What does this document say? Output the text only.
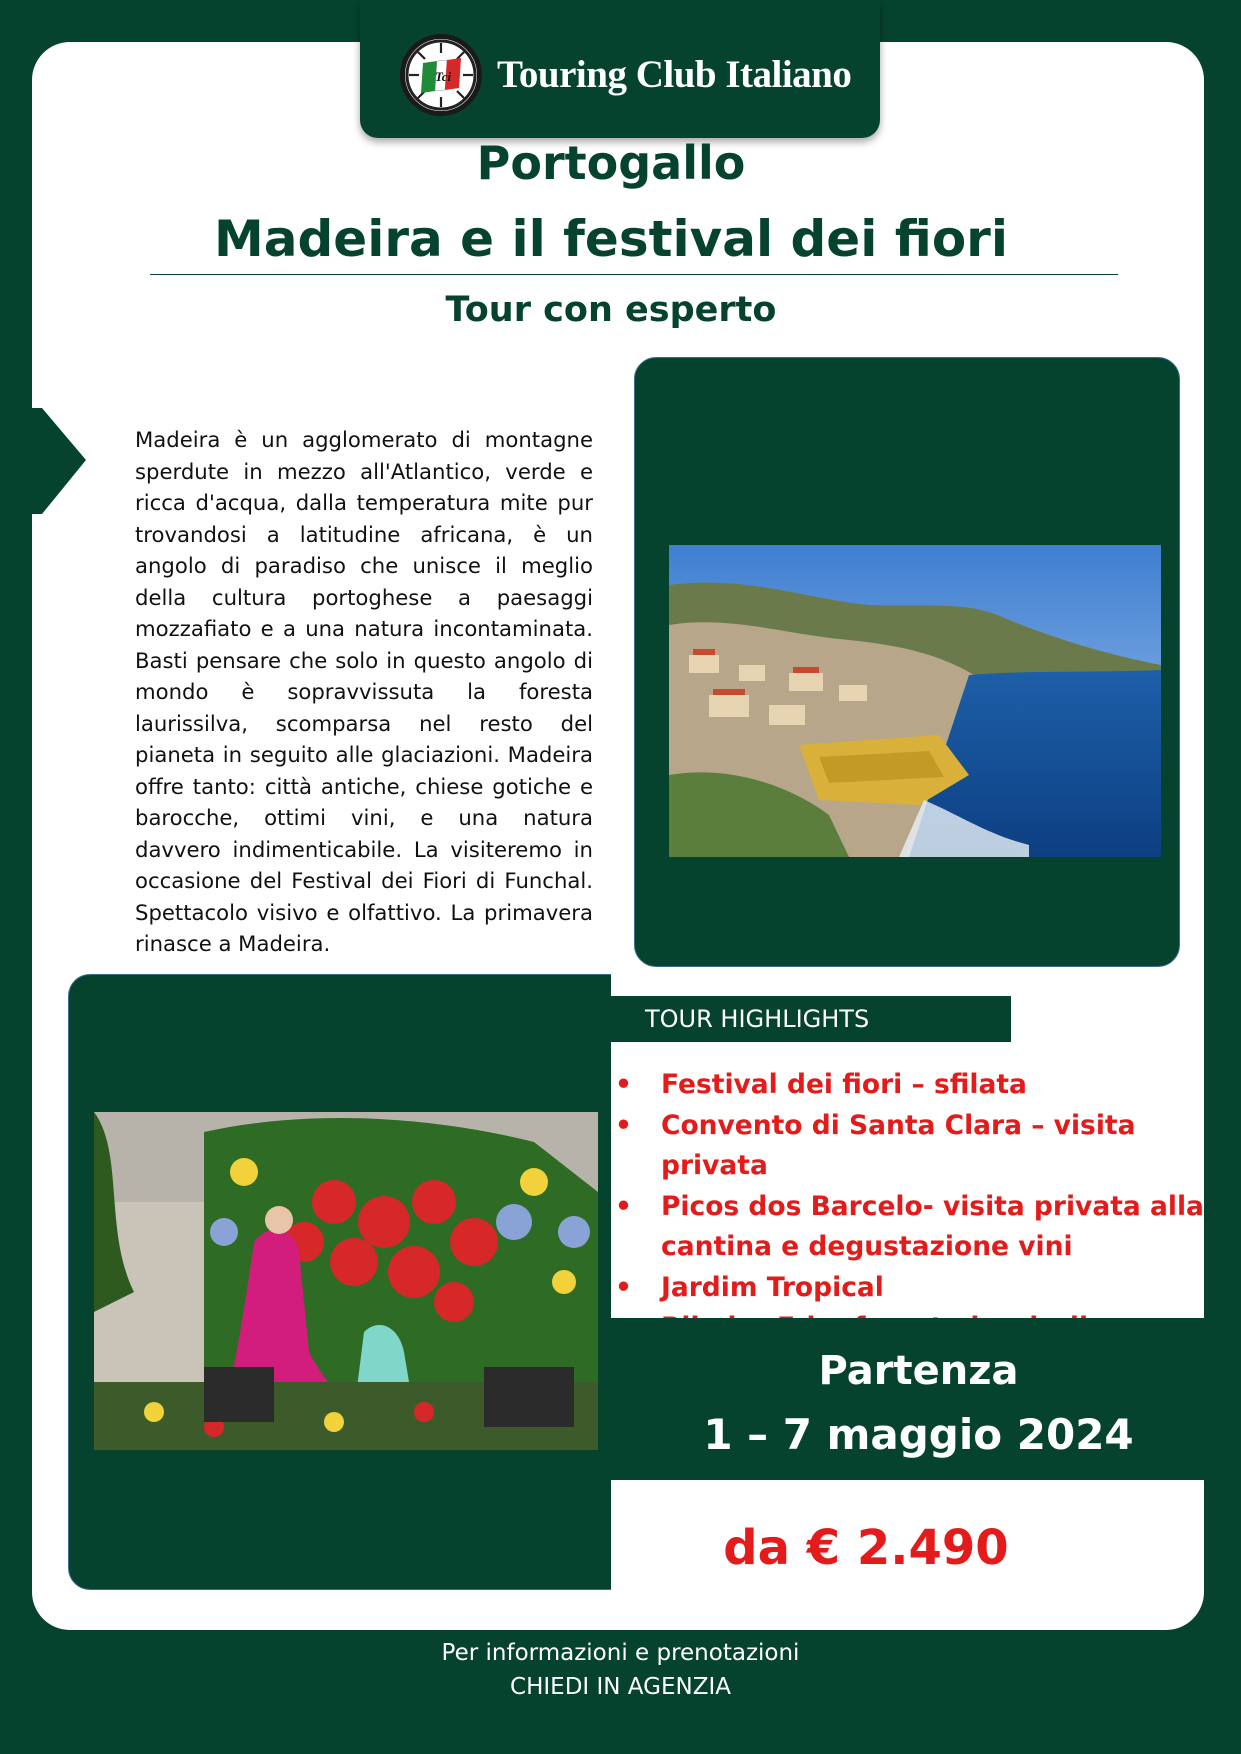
Tci Touring Club Italiano
Portogallo
Madeira e il festival dei fiori
Tour con esperto
Madeira è un agglomerato di montagne sperdute in mezzo all'Atlantico, verde e ricca d'acqua, dalla temperatura mite pur trovandosi a latitudine africana, è un angolo di paradiso che unisce il meglio della cultura portoghese a paesaggi mozzafiato e a una natura incontaminata. Basti pensare che solo in questo angolo di mondo è sopravvissuta la foresta laurissilva, scomparsa nel resto del pianeta in seguito alle glaciazioni. Madeira offre tanto: città antiche, chiese gotiche e barocche, ottimi vini, e una natura davvero indimenticabile. La visiteremo in occasione del Festival dei Fiori di Funchal. Spettacolo visivo e olfattivo. La primavera rinasce a Madeira.
TOUR HIGHLIGHTS
• Festival dei fiori – sfilata
• Convento di Santa Clara – visita privata
• Picos dos Barcelo- visita privata alla cantina e degustazione vini
• Jardim Tropical
Partenza
1 – 7 maggio 2024
da € 2.490
Per informazioni e prenotazioni
CHIEDI IN AGENZIA
